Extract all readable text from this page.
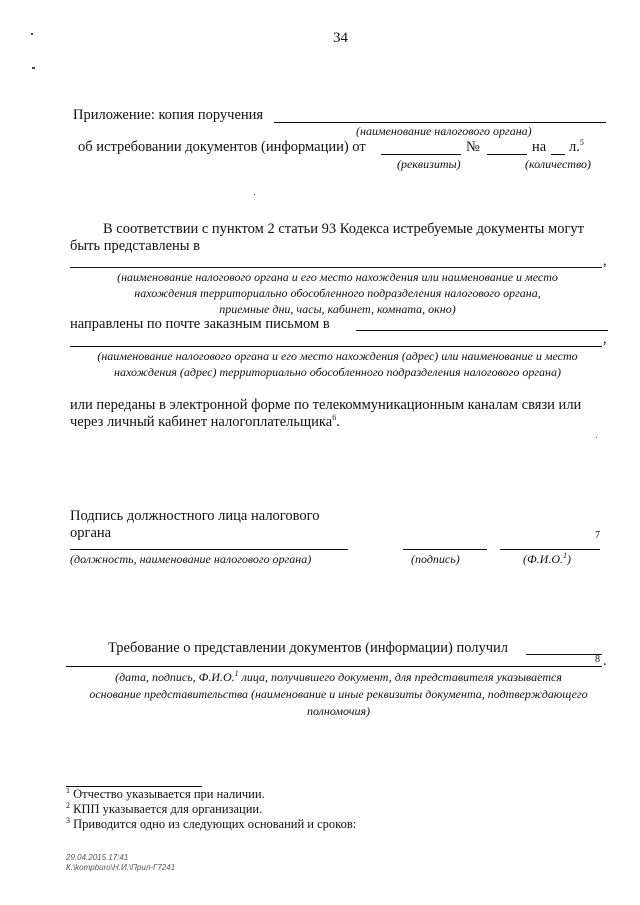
34
Приложение: копия поручения
(наименование налогового органа)
об истребовании документов (информации) от	№	на л.$^5$
(реквизиты)	(количество)
В соответствии с пунктом 2 статьи 93 Кодекса истребуемые документы могут
быть представлены в
,
(наименование налогового органа и его место нахождения или наименование и место
нахождения территориально обособленного подразделения налогового органа,
приемные дни, часы, кабинет, комната, окно)
направлены по почте заказным письмом в
,
(наименование налогового органа и его место нахождения (адрес) или наименование и место
нахождения (адрес) территориально обособленного подразделения налогового органа)
или переданы в электронной форме по телекоммуникационным каналам связи или
через личный кабинет налогоплательщика$^6$.
Подпись должностного лица налогового
органа	7
(должность, наименование налогового органа)	(подпись)	(Ф.И.О.$^1$)
Требование о представлении документов (информации) получил
8 .
(дата, подпись, Ф.И.О.$^1$ лица, получившего документ, для представителя указывается
основание представительства (наименование и иные реквизиты документа, подтверждающего
полномочия)
$^1$ Отчество указывается при наличии.
$^2$ КПП указывается для организации.
$^3$ Приводится одно из следующих оснований и сроков:
29.04.2015 17:41
К:\kompburo\Н.И.\Прил-Г7241
